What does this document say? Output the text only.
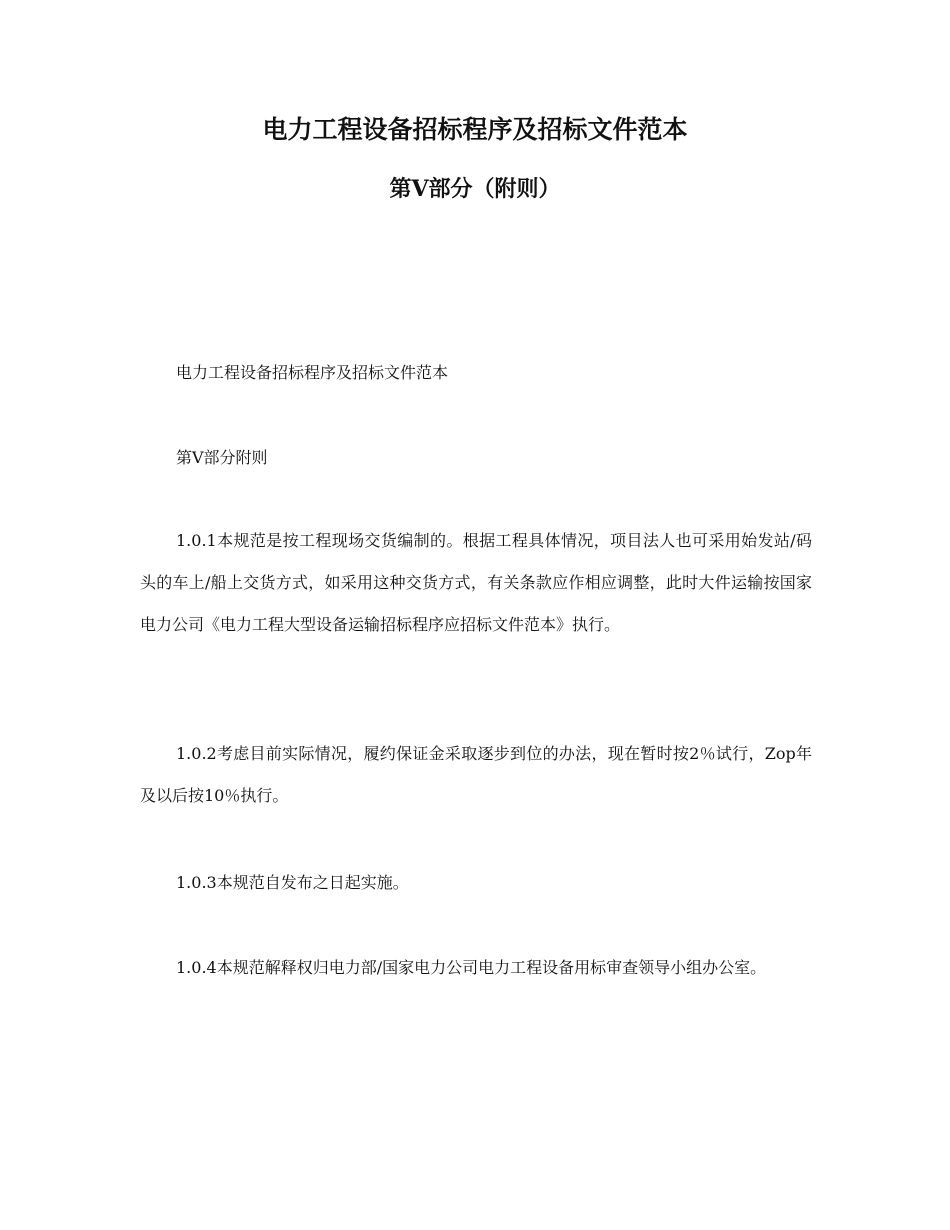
电力工程设备招标程序及招标文件范本
第Ⅴ部分（附则）

电力工程设备招标程序及招标文件范本

第Ⅴ部分附则

1.0.1本规范是按工程现场交货编制的。根据工程具体情况，项目法人也可采用始发站/码头的车上/船上交货方式，如采用这种交货方式，有关条款应作相应调整，此时大件运输按国家电力公司《电力工程大型设备运输招标程序应招标文件范本》执行。

1.0.2考虑目前实际情况，履约保证金采取逐步到位的办法，现在暂时按2％试行，Zop年及以后按10％执行。

1.0.3本规范自发布之日起实施。

1.0.4本规范解释权归电力部/国家电力公司电力工程设备用标审查领导小组办公室。
